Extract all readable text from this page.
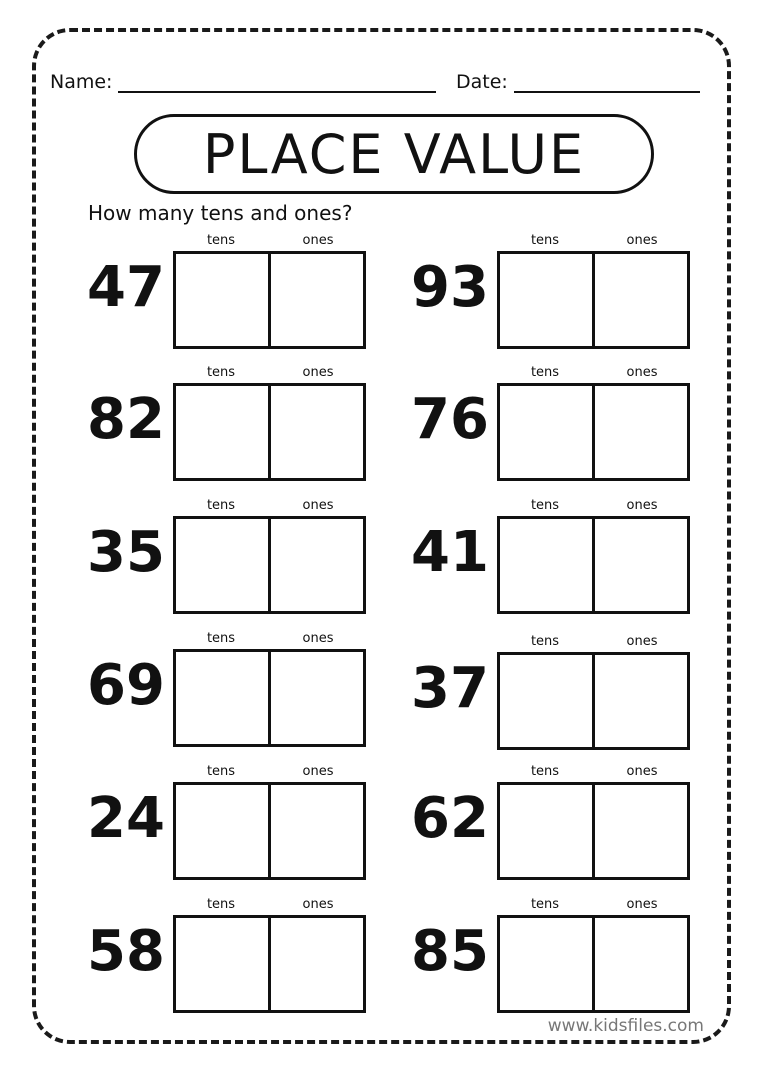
Name:	Date:
PLACE VALUE
How many tens and ones?
tens	ones
47
tens	ones
82
tens	ones
35
tens	ones
69
tens	ones
24
tens	ones
58
tens	ones
93
tens	ones
76
tens	ones
41
tens	ones
37
tens	ones
62
tens	ones
85
www.kidsfiles.com
